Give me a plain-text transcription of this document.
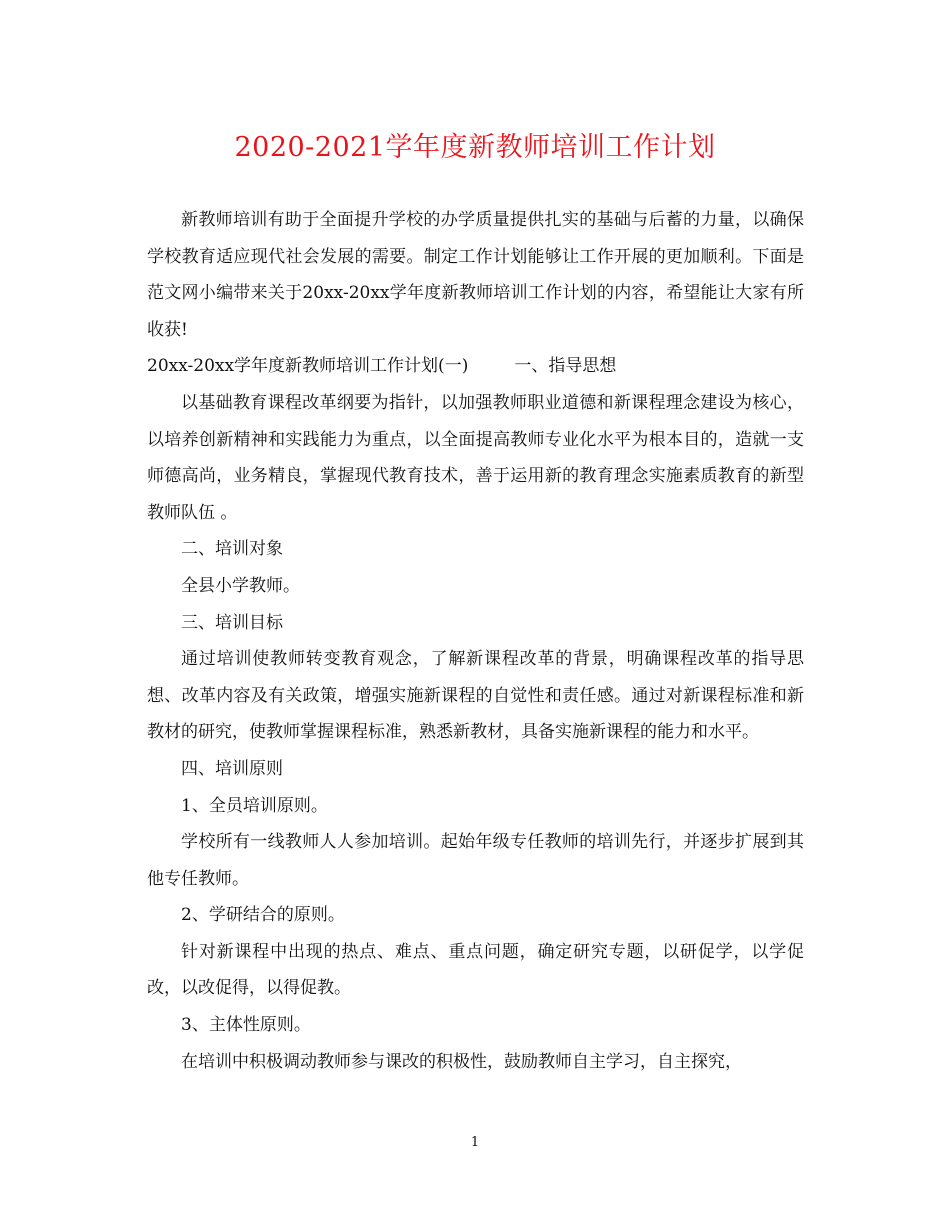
2020-2021学年度新教师培训工作计划

新教师培训有助于全面提升学校的办学质量提供扎实的基础与后蓄的力量，以确保学校教育适应现代社会发展的需要。制定工作计划能够让工作开展的更加顺利。下面是范文网小编带来关于20xx-20xx学年度新教师培训工作计划的内容，希望能让大家有所收获!

20xx-20xx学年度新教师培训工作计划(一)	一、指导思想

以基础教育课程改革纲要为指针，以加强教师职业道德和新课程理念建设为核心，以培养创新精神和实践能力为重点，以全面提高教师专业化水平为根本目的，造就一支师德高尚，业务精良，掌握现代教育技术，善于运用新的教育理念实施素质教育的新型教师队伍 。

二、培训对象

全县小学教师。

三、培训目标

通过培训使教师转变教育观念，了解新课程改革的背景，明确课程改革的指导思想、改革内容及有关政策，增强实施新课程的自觉性和责任感。通过对新课程标准和新教材的研究，使教师掌握课程标准，熟悉新教材，具备实施新课程的能力和水平。

四、培训原则

1、全员培训原则。

学校所有一线教师人人参加培训。起始年级专任教师的培训先行，并逐步扩展到其他专任教师。

2、学研结合的原则。

针对新课程中出现的热点、难点、重点问题，确定研究专题，以研促学，以学促改，以改促得，以得促教。

3、主体性原则。

在培训中积极调动教师参与课改的积极性，鼓励教师自主学习，自主探究，

1
